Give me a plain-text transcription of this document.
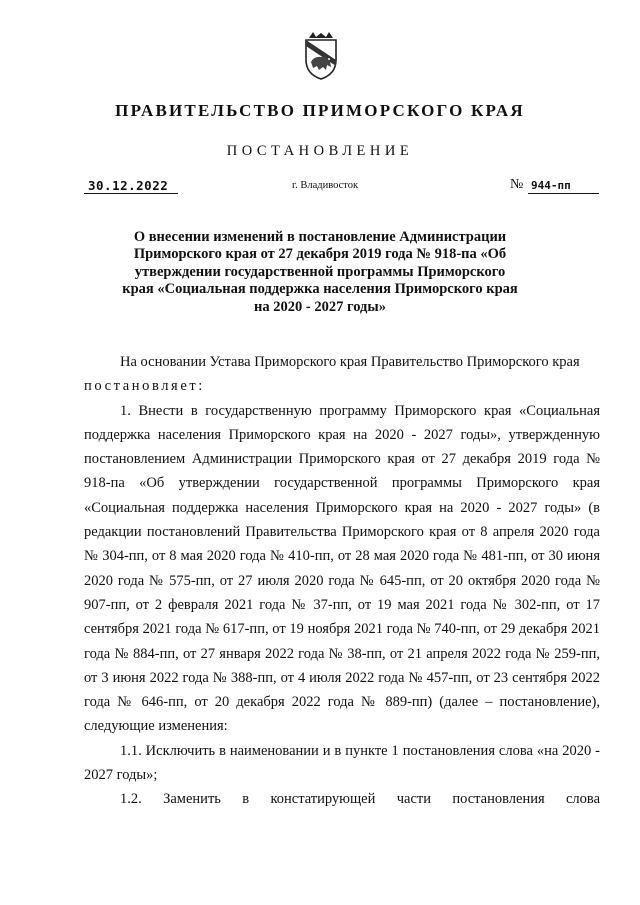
ПРАВИТЕЛЬСТВО ПРИМОРСКОГО КРАЯ
ПОСТАНОВЛЕНИЕ
30.12.2022	г. Владивосток	№ 944-пп
О внесении изменений в постановление Администрации Приморского края от 27 декабря 2019 года № 918-па «Об утверждении государственной программы Приморского края «Социальная поддержка населения Приморского края на 2020 - 2027 годы»

На основании Устава Приморского края Правительство Приморского края

постановляет:

1. Внести в государственную программу Приморского края «Социальная поддержка населения Приморского края на 2020 - 2027 годы», утвержденную постановлением Администрации Приморского края от 27 декабря 2019 года № 918-па «Об утверждении государственной программы Приморского края «Социальная поддержка населения Приморского края на 2020 - 2027 годы» (в редакции постановлений Правительства Приморского края от 8 апреля 2020 года № 304-пп, от 8 мая 2020 года № 410-пп, от 28 мая 2020 года № 481-пп, от 30 июня 2020 года № 575-пп, от 27 июля 2020 года № 645-пп, от 20 октября 2020 года № 907-пп, от 2 февраля 2021 года № 37-пп, от 19 мая 2021 года № 302-пп, от 17 сентября 2021 года № 617-пп, от 19 ноября 2021 года № 740-пп, от 29 декабря 2021 года № 884-пп, от 27 января 2022 года № 38-пп, от 21 апреля 2022 года № 259-пп, от 3 июня 2022 года № 388-пп, от 4 июля 2022 года № 457-пп, от 23 сентября 2022 года № 646-пп, от 20 декабря 2022 года № 889-пп) (далее – постановление), следующие изменения:

1.1. Исключить в наименовании и в пункте 1 постановления слова «на 2020 - 2027 годы»;

1.2. Заменить в констатирующей части постановления слова
